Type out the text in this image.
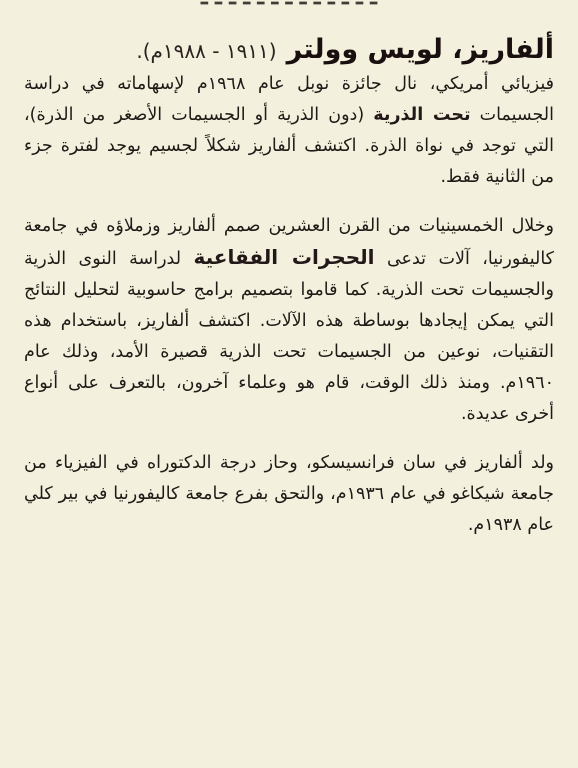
ألفاريز، لويس وولتر
(١٩١١ - ١٩٨٨م).

فيزيائي أمريكي، نال جائزة نوبل عام ١٩٦٨م لإسهاماته في دراسة الجسيمات تحت الذرية (دون الذرية أو الجسيمات الأصغر من الذرة)، التي توجد في نواة الذرة. اكتشف ألفاريز شكلاً لجسيم يوجد لفترة جزء من الثانية فقط.

وخلال الخمسينيات من القرن العشرين صمم ألفاريز وزملاؤه في جامعة كاليفورنيا، آلات تدعى الحجرات الفقاعية لدراسة النوى الذرية والجسيمات تحت الذرية. كما قاموا بتصميم برامج حاسوبية لتحليل النتائج التي يمكن إيجادها بوساطة هذه الآلات. اكتشف ألفاريز، باستخدام هذه التقنيات، نوعين من الجسيمات تحت الذرية قصيرة الأمد، وذلك عام ١٩٦٠م. ومنذ ذلك الوقت، قام هو وعلماء آخرون، بالتعرف على أنواع أخرى عديدة.

ولد ألفاريز في سان فرانسيسكو، وحاز درجة الدكتوراه في الفيزياء من جامعة شيكاغو في عام ١٩٣٦م، والتحق بفرع جامعة كاليفورنيا في بير كلي عام ١٩٣٨م.
